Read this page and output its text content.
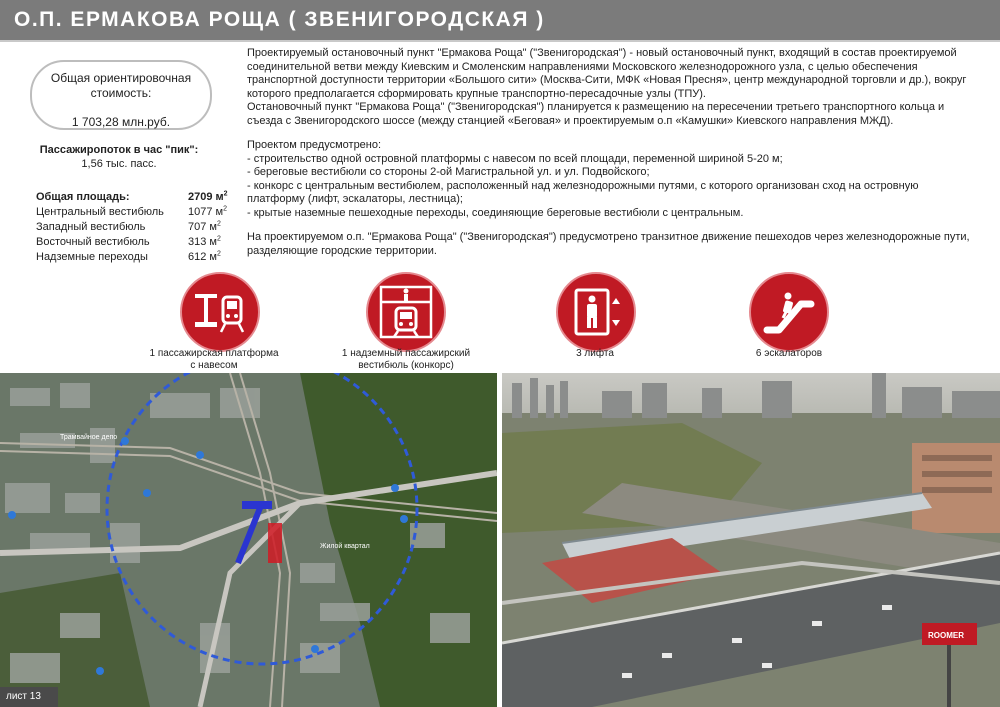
О.П. ЕРМАКОВА РОЩА ( ЗВЕНИГОРОДСКАЯ )
Общая ориентировочная
стоимость:
1 703,28 млн.руб.
Пассажиропоток в час "пик":
1,56 тыс. пасс.
Общая площадь:	2709 $м^2$
Центральный вестибюль 1077 $м^2$
Западный вестибюль	707 $м^2$
Восточный вестибюль	313 $м^2$
Надземные переходы	612 $м^2$

Проектируемый остановочный пункт "Ермакова Роща" ("Звенигородская") - новый остановочный пункт, входящий в состав проектируемой соединительной ветви между Киевским и Смоленским направлениями Московского железнодорожного узла, с целью обеспечения транспортной доступности территории «Большого сити» (Москва-Сити, МФК «Новая Пресня», центр международной торговли и др.), вокруг которого предполагается сформировать крупные транспортно-пересадочные узлы (ТПУ).

Остановочный пункт "Ермакова Роща" ("Звенигородская") планируется к размещению на пересечении третьего транспортного кольца и съезда с Звенигородского шоссе (между станцией «Беговая» и проектируемым о.п «Камушки» Киевского направления МЖД).

Проектом предусмотрено:

- строительство одной островной платформы с навесом по всей площади, переменной шириной 5-20 м;

- береговые вестибюли со стороны 2-ой Магистральной ул. и ул. Подвойского;

- конкорс с центральным вестибюлем, расположенный над железнодорожными путями, с которого организован сход на островную платформу (лифт, эскалаторы, лестница);

- крытые наземные пешеходные переходы, соединяющие береговые вестибюли с центральным.

На проектируемом о.п. "Ермакова Роща" ("Звенигородская") предусмотрено транзитное движение пешеходов через железнодорожные пути, разделяющие городские территории.

1 пассажирская платформа
с навесом
1 надземный пассажирский
вестибюль (конкорс)
3 лифта	6 эскалаторов
Трамвайное депо
Жилой квартал
ROOMER
лист 13
